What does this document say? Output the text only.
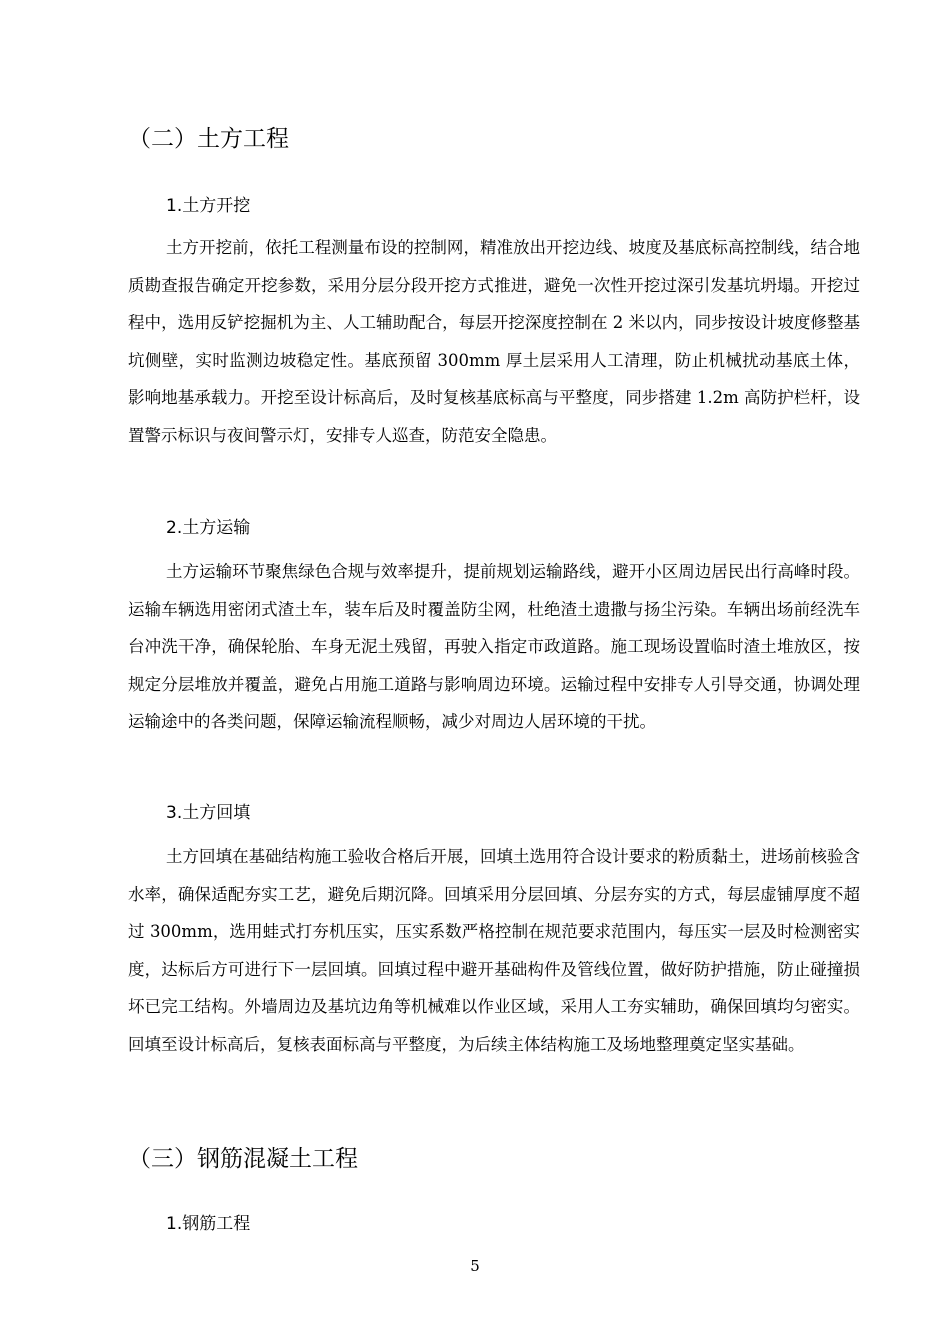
（二）土方工程
1.土方开挖

土方开挖前，依托工程测量布设的控制网，精准放出开挖边线、坡度及基底标高控制线，结合地质勘查报告确定开挖参数，采用分层分段开挖方式推进，避免一次性开挖过深引发基坑坍塌。开挖过程中，选用反铲挖掘机为主、人工辅助配合，每层开挖深度控制在 2 米以内，同步按设计坡度修整基坑侧壁，实时监测边坡稳定性。基底预留 300mm 厚土层采用人工清理，防止机械扰动基底土体，影响地基承载力。开挖至设计标高后，及时复核基底标高与平整度，同步搭建 1.2m 高防护栏杆，设置警示标识与夜间警示灯，安排专人巡查，防范安全隐患。

2.土方运输

土方运输环节聚焦绿色合规与效率提升，提前规划运输路线，避开小区周边居民出行高峰时段。运输车辆选用密闭式渣土车，装车后及时覆盖防尘网，杜绝渣土遗撒与扬尘污染。车辆出场前经洗车台冲洗干净，确保轮胎、车身无泥土残留，再驶入指定市政道路。施工现场设置临时渣土堆放区，按规定分层堆放并覆盖，避免占用施工道路与影响周边环境。运输过程中安排专人引导交通，协调处理运输途中的各类问题，保障运输流程顺畅，减少对周边人居环境的干扰。

3.土方回填

土方回填在基础结构施工验收合格后开展，回填土选用符合设计要求的粉质黏土，进场前核验含水率，确保适配夯实工艺，避免后期沉降。回填采用分层回填、分层夯实的方式，每层虚铺厚度不超过 300mm，选用蛙式打夯机压实，压实系数严格控制在规范要求范围内，每压实一层及时检测密实度，达标后方可进行下一层回填。回填过程中避开基础构件及管线位置，做好防护措施，防止碰撞损坏已完工结构。外墙周边及基坑边角等机械难以作业区域，采用人工夯实辅助，确保回填均匀密实。回填至设计标高后，复核表面标高与平整度，为后续主体结构施工及场地整理奠定坚实基础。

（三）钢筋混凝土工程
1.钢筋工程
5
